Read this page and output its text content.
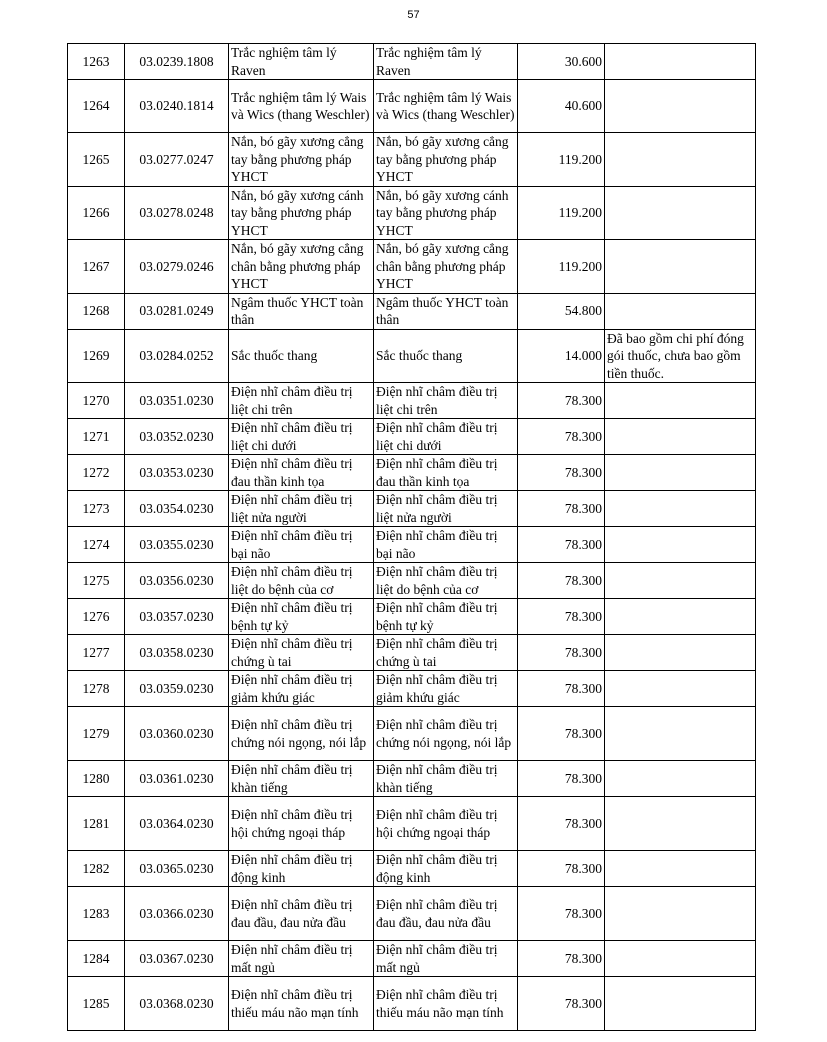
57
1263	03.0239.1808	Trắc nghiệm tâm lý Raven	Trắc nghiệm tâm lý Raven	30.600	
1264	03.0240.1814	Trắc nghiệm tâm lý Wais và Wics (thang Weschler)	Trắc nghiệm tâm lý Wais và Wics (thang Weschler)	40.600	
1265	03.0277.0247	Nắn, bó gãy xương cẳng tay bằng phương pháp YHCT	Nắn, bó gãy xương cẳng tay bằng phương pháp YHCT	119.200	
1266	03.0278.0248	Nắn, bó gãy xương cánh tay bằng phương pháp YHCT	Nắn, bó gãy xương cánh tay bằng phương pháp YHCT	119.200	
1267	03.0279.0246	Nắn, bó gãy xương cẳng chân bằng phương pháp YHCT	Nắn, bó gãy xương cẳng chân bằng phương pháp YHCT	119.200	
1268	03.0281.0249	Ngâm thuốc YHCT toàn thân	Ngâm thuốc YHCT toàn thân	54.800	
1269	03.0284.0252	Sắc thuốc thang	Sắc thuốc thang	14.000	Đã bao gồm chi phí đóng gói thuốc, chưa bao gồm tiền thuốc.
1270	03.0351.0230	Điện nhĩ châm điều trị liệt chi trên	Điện nhĩ châm điều trị liệt chi trên	78.300	
1271	03.0352.0230	Điện nhĩ châm điều trị liệt chi dưới	Điện nhĩ châm điều trị liệt chi dưới	78.300	
1272	03.0353.0230	Điện nhĩ châm điều trị đau thần kinh tọa	Điện nhĩ châm điều trị đau thần kinh tọa	78.300	
1273	03.0354.0230	Điện nhĩ châm điều trị liệt nửa người	Điện nhĩ châm điều trị liệt nửa người	78.300	
1274	03.0355.0230	Điện nhĩ châm điều trị bại não	Điện nhĩ châm điều trị bại não	78.300	
1275	03.0356.0230	Điện nhĩ châm điều trị liệt do bệnh của cơ	Điện nhĩ châm điều trị liệt do bệnh của cơ	78.300	
1276	03.0357.0230	Điện nhĩ châm điều trị bệnh tự kỷ	Điện nhĩ châm điều trị bệnh tự kỷ	78.300	
1277	03.0358.0230	Điện nhĩ châm điều trị chứng ù tai	Điện nhĩ châm điều trị chứng ù tai	78.300	
1278	03.0359.0230	Điện nhĩ châm điều trị giảm khứu giác	Điện nhĩ châm điều trị giảm khứu giác	78.300	
1279	03.0360.0230	Điện nhĩ châm điều trị chứng nói ngọng, nói lắp	Điện nhĩ châm điều trị chứng nói ngọng, nói lắp	78.300	
1280	03.0361.0230	Điện nhĩ châm điều trị khàn tiếng	Điện nhĩ châm điều trị khàn tiếng	78.300	
1281	03.0364.0230	Điện nhĩ châm điều trị hội chứng ngoại tháp	Điện nhĩ châm điều trị hội chứng ngoại tháp	78.300	
1282	03.0365.0230	Điện nhĩ châm điều trị động kinh	Điện nhĩ châm điều trị động kinh	78.300	
1283	03.0366.0230	Điện nhĩ châm điều trị đau đầu, đau nửa đầu	Điện nhĩ châm điều trị đau đầu, đau nửa đầu	78.300	
1284	03.0367.0230	Điện nhĩ châm điều trị mất ngủ	Điện nhĩ châm điều trị mất ngủ	78.300	
1285	03.0368.0230	Điện nhĩ châm điều trị thiếu máu não mạn tính	Điện nhĩ châm điều trị thiếu máu não mạn tính	78.300	
